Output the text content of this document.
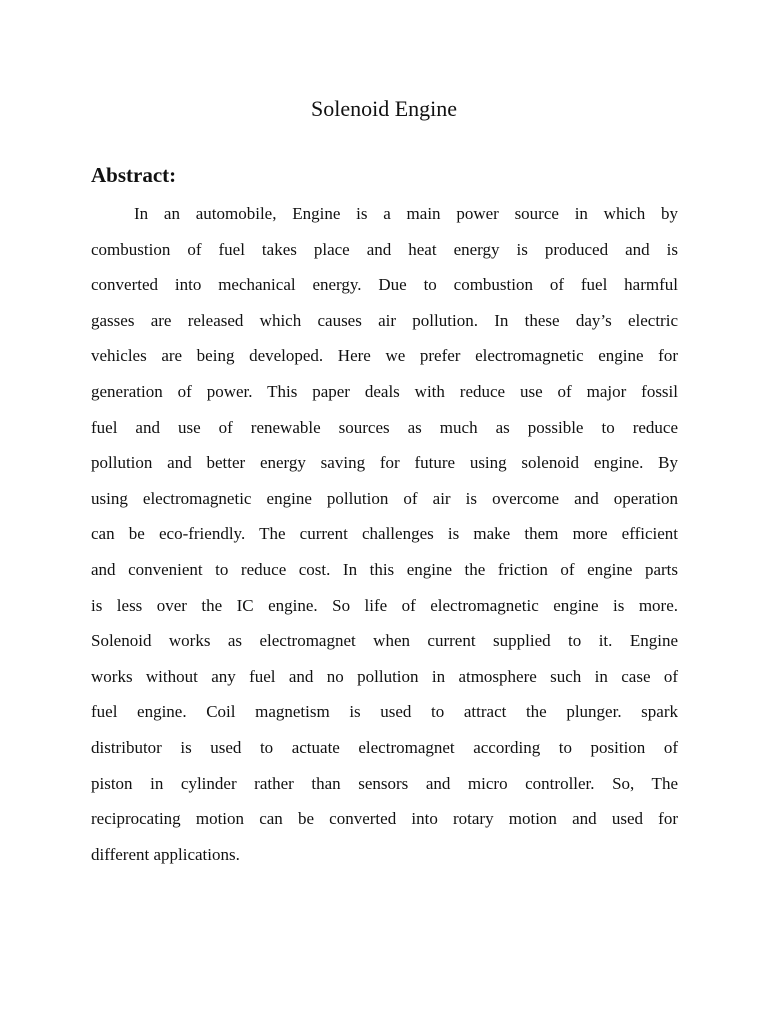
Solenoid Engine
Abstract:
In an automobile, Engine is a main power source in which by
combustion of fuel takes place and heat energy is produced and is
converted into mechanical energy. Due to combustion of fuel harmful
gasses are released which causes air pollution. In these day’s electric
vehicles are being developed. Here we prefer electromagnetic engine for
generation of power. This paper deals with reduce use of major fossil
fuel and use of renewable sources as much as possible to reduce
pollution and better energy saving for future using solenoid engine. By
using electromagnetic engine pollution of air is overcome and operation
can be eco-friendly. The current challenges is make them more efficient
and convenient to reduce cost. In this engine the friction of engine parts
is less over the IC engine. So life of electromagnetic engine is more.
Solenoid works as electromagnet when current supplied to it. Engine
works without any fuel and no pollution in atmosphere such in case of
fuel engine. Coil magnetism is used to attract the plunger. spark
distributor is used to actuate electromagnet according to position of
piston in cylinder rather than sensors and micro controller. So, The
reciprocating motion can be converted into rotary motion and used for
different applications.
